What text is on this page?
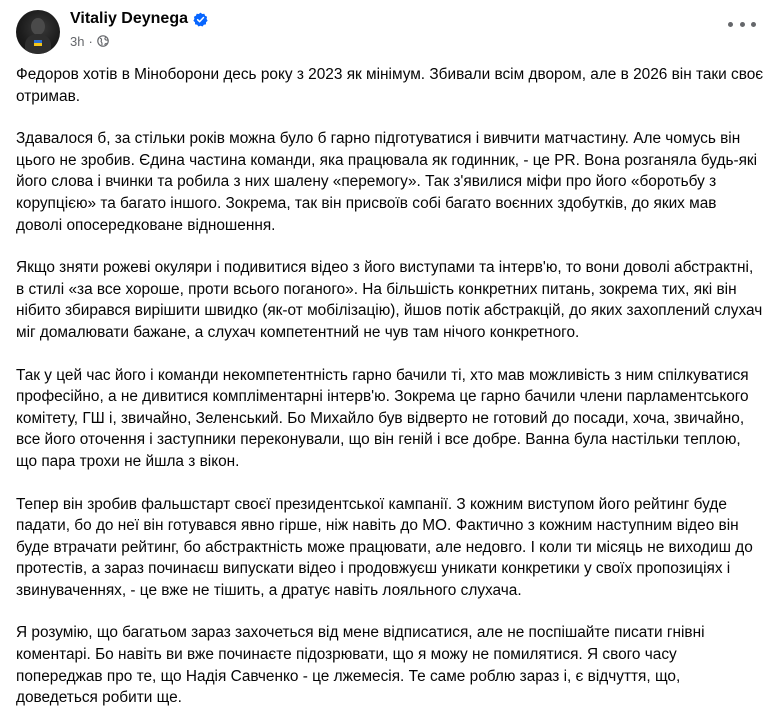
Vitaliy Deynega
3h ·

Федоров хотів в Міноборони десь року з 2023 як мінімум. Збивали всім двором, але в 2026 він таки своє отримав.

Здавалося б, за стільки років можна було б гарно підготуватися і вивчити матчастину. Але чомусь він цього не зробив. Єдина частина команди, яка працювала як годинник, - це PR. Вона розганяла будь-які його слова і вчинки та робила з них шалену «перемогу». Так з'явилися міфи про його «боротьбу з корупцією» та багато іншого. Зокрема, так він присвоїв собі багато воєнних здобутків, до яких мав доволі опосередковане відношення.

Якщо зняти рожеві окуляри і подивитися відео з його виступами та інтерв'ю, то вони доволі абстрактні, в стилі «за все хороше, проти всього поганого». На більшість конкретних питань, зокрема тих, які він нібито збирався вирішити швидко (як-от мобілізацію), йшов потік абстракцій, до яких захоплений слухач міг домалювати бажане, а слухач компетентний не чув там нічого конкретного.

Так у цей час його і команди некомпетентність гарно бачили ті, хто мав можливість з ним спілкуватися професійно, а не дивитися компліментарні інтерв'ю. Зокрема це гарно бачили члени парламентського комітету, ГШ і, звичайно, Зеленський. Бо Михайло був відверто не готовий до посади, хоча, звичайно, все його оточення і заступники переконували, що він геній і все добре. Ванна була настільки теплою, що пара трохи не йшла з вікон.

Тепер він зробив фальшстарт своєї президентської кампанії. З кожним виступом його рейтинг буде падати, бо до неї він готувався явно гірше, ніж навіть до МО. Фактично з кожним наступним відео він буде втрачати рейтинг, бо абстрактність може працювати, але недовго. І коли ти місяць не виходиш до протестів, а зараз починаєш випускати відео і продовжуєш уникати конкретики у своїх пропозиціях і звинуваченнях, - це вже не тішить, а дратує навіть лояльного слухача.

Я розумію, що багатьом зараз захочеться від мене відписатися, але не поспішайте писати гнівні коментарі. Бо навіть ви вже починаєте підозрювати, що я можу не помилятися. Я свого часу попереджав про те, що Надія Савченко - це лжемесія. Те саме роблю зараз і, є відчуття, що, доведеться робити ще.
